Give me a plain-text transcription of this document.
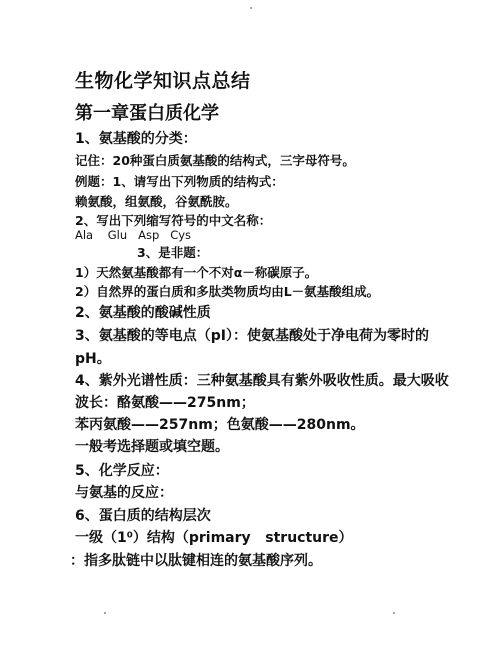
生物化学知识点总结
第一章蛋白质化学
1、氨基酸的分类：
记住：20种蛋白质氨基酸的结构式，三字母符号。
例题：1、请写出下列物质的结构式：
赖氨酸，组氨酸，谷氨酰胺。
2、写出下列缩写符号的中文名称：
Ala    Glu   Asp   Cys
3、是非题：
1）天然氨基酸都有一个不对α－称碳原子。
2）自然界的蛋白质和多肽类物质均由L－氨基酸组成。
2、氨基酸的酸碱性质
3、氨基酸的等电点（pI）：使氨基酸处于净电荷为零时的
pH。
4、紫外光谱性质：三种氨基酸具有紫外吸收性质。最大吸收
波长：酪氨酸——275nm；
苯丙氨酸——257nm；色氨酸——280nm。
一般考选择题或填空题。
5、化学反应：
与氨基的反应：
6、蛋白质的结构层次
一级（1⁰）结构（primary   structure）
：指多肽链中以肽键相连的氨基酸序列。
